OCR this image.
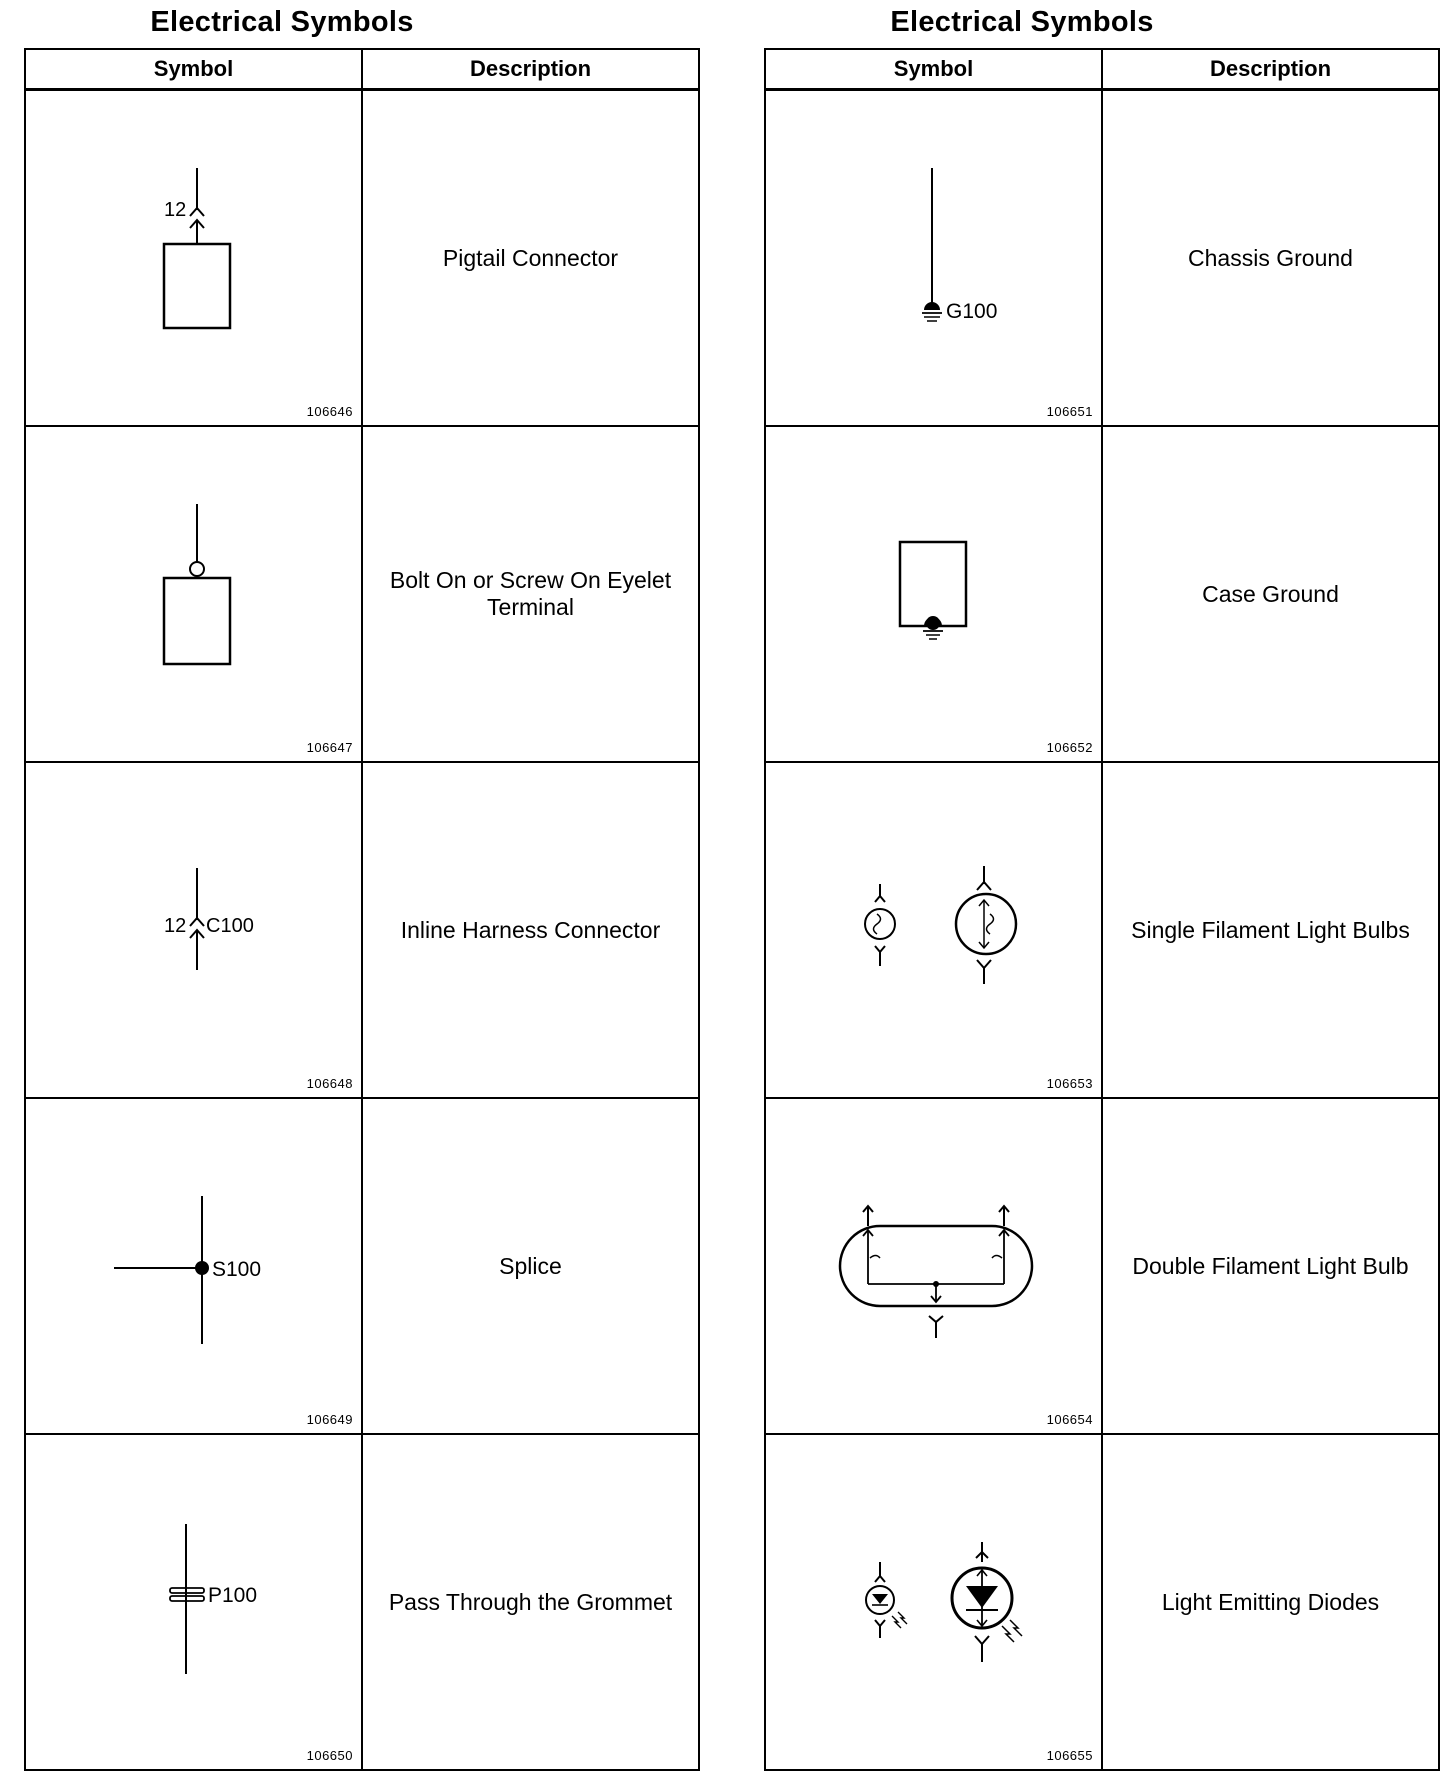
Electrical Symbols
Symbol	Description

12
106646	Pigtail Connector

106647	Bolt On or Screw On Eyelet Terminal

12 C100
106648	Inline Harness Connector

S100
106649	Splice

P100
106650	Pass Through the Grommet
Electrical Symbols
Symbol	Description

G100
106651	Chassis Ground

106652	Case Ground

106653	Single Filament Light Bulbs

106654	Double Filament Light Bulb

106655	Light Emitting Diodes
